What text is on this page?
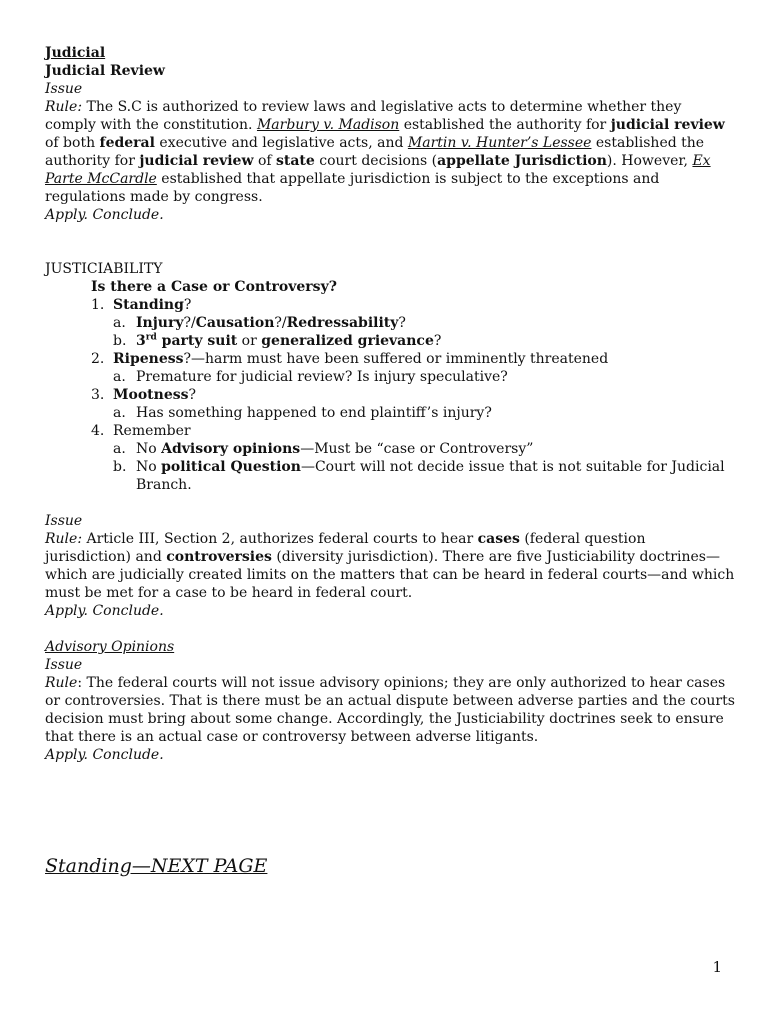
Judicial

Judicial Review

Issue

Rule: The S.C is authorized to review laws and legislative acts to determine whether they comply with the constitution. Marbury v. Madison established the authority for judicial review of both federal executive and legislative acts, and Martin v. Hunter’s Lessee established the authority for judicial review of state court decisions (appellate Jurisdiction). However, Ex Parte McCardle established that appellate jurisdiction is subject to the exceptions and regulations made by congress.

Apply. Conclude.

JUSTICIABILITY

Is there a Case or Controversy?

1. Standing?
a. Injury?/Causation?/Redressability?
b. 3rd party suit or generalized grievance?
2. Ripeness?—harm must have been suffered or imminently threatened
a. Premature for judicial review? Is injury speculative?
3. Mootness?
a. Has something happened to end plaintiff’s injury?
4. Remember
a. No Advisory opinions—Must be “case or Controversy”
b. No political Question—Court will not decide issue that is not suitable for Judicial Branch.

Issue

Rule: Article III, Section 2, authorizes federal courts to hear cases (federal question jurisdiction) and controversies (diversity jurisdiction). There are five Justiciability doctrines—which are judicially created limits on the matters that can be heard in federal courts—and which must be met for a case to be heard in federal court.

Apply. Conclude.

Advisory Opinions

Issue

Rule: The federal courts will not issue advisory opinions; they are only authorized to hear cases or controversies. That is there must be an actual dispute between adverse parties and the courts decision must bring about some change. Accordingly, the Justiciability doctrines seek to ensure that there is an actual case or controversy between adverse litigants.

Apply. Conclude.

Standing—NEXT PAGE

1
